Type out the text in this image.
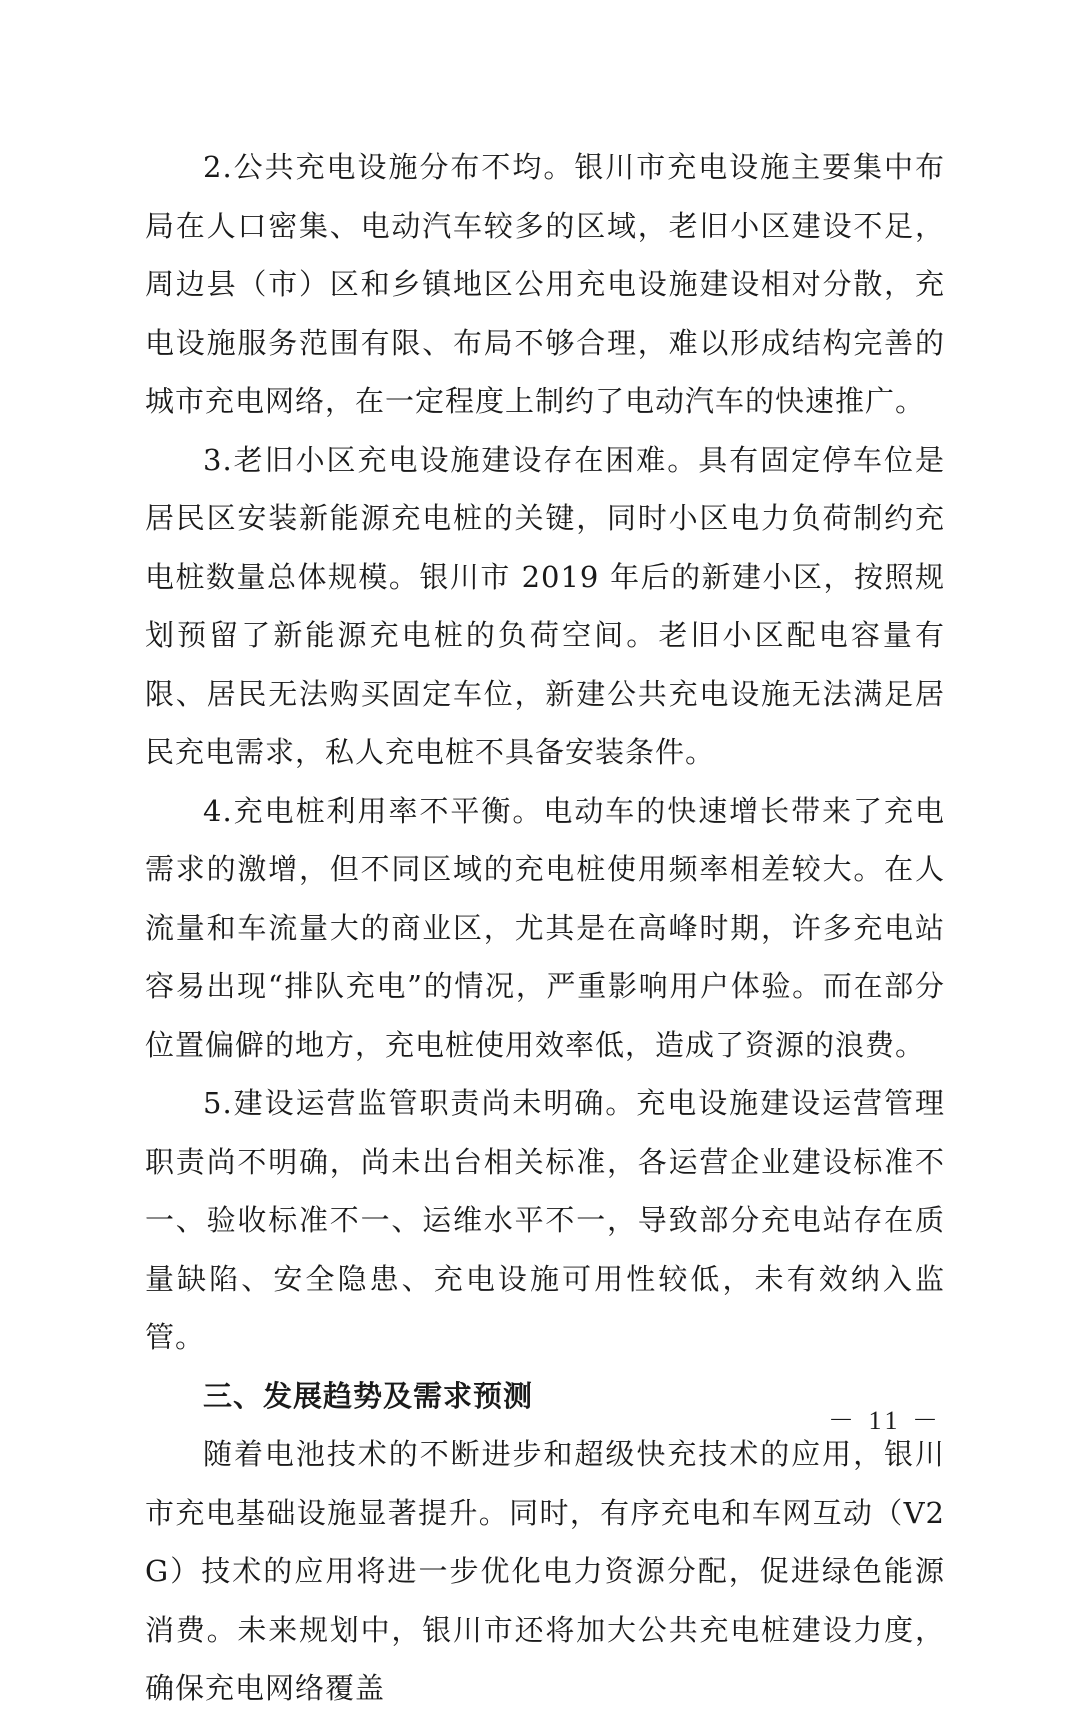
2.公共充电设施分布不均。银川市充电设施主要集中布局在人口密集、电动汽车较多的区域，老旧小区建设不足，周边县（市）区和乡镇地区公用充电设施建设相对分散，充电设施服务范围有限、布局不够合理，难以形成结构完善的城市充电网络，在一定程度上制约了电动汽车的快速推广。

3.老旧小区充电设施建设存在困难。具有固定停车位是居民区安装新能源充电桩的关键，同时小区电力负荷制约充电桩数量总体规模。银川市 2019 年后的新建小区，按照规划预留了新能源充电桩的负荷空间。老旧小区配电容量有限、居民无法购买固定车位，新建公共充电设施无法满足居民充电需求，私人充电桩不具备安装条件。

4.充电桩利用率不平衡。电动车的快速增长带来了充电需求的激增，但不同区域的充电桩使用频率相差较大。在人流量和车流量大的商业区，尤其是在高峰时期，许多充电站容易出现“排队充电”的情况，严重影响用户体验。而在部分位置偏僻的地方，充电桩使用效率低，造成了资源的浪费。

5.建设运营监管职责尚未明确。充电设施建设运营管理职责尚不明确，尚未出台相关标准，各运营企业建设标准不一、验收标准不一、运维水平不一，导致部分充电站存在质量缺陷、安全隐患、充电设施可用性较低，未有效纳入监管。

三、发展趋势及需求预测

随着电池技术的不断进步和超级快充技术的应用，银川市充电基础设施显著提升。同时，有序充电和车网互动（V2G）技术的应用将进一步优化电力资源分配，促进绿色能源消费。未来规划中，银川市还将加大公共充电桩建设力度，确保充电网络覆盖

－ 11 －
